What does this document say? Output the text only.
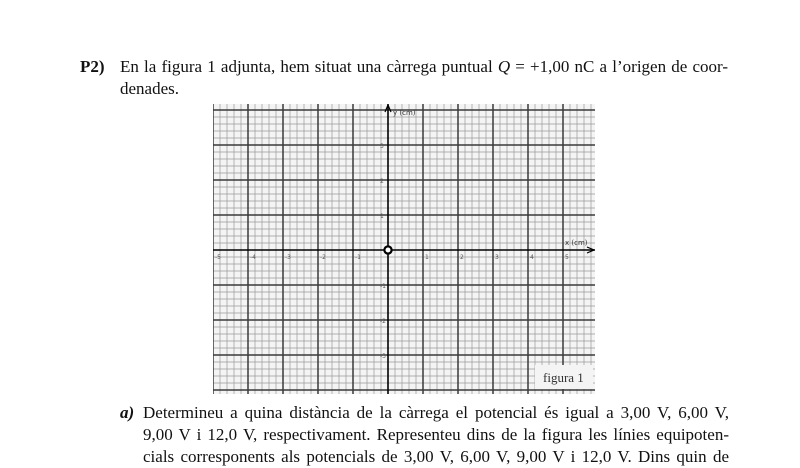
P2) En la figura 1 adjunta, hem situat una càrrega puntual Q = +1,00 nC a l’origen de coor-
denades.
-5	-4	-3	-2	-1	1	2	3	4	5
3
2
1
-1
-2
-3
y (cm)
x (cm)
figura 1
a) Determineu a quina distància de la càrrega el potencial és igual a 3,00 V, 6,00 V,
9,00 V i 12,0 V, respectivament. Representeu dins de la figura les línies equipoten-
cials corresponents als potencials de 3,00 V, 6,00 V, 9,00 V i 12,0 V. Dins quin de
